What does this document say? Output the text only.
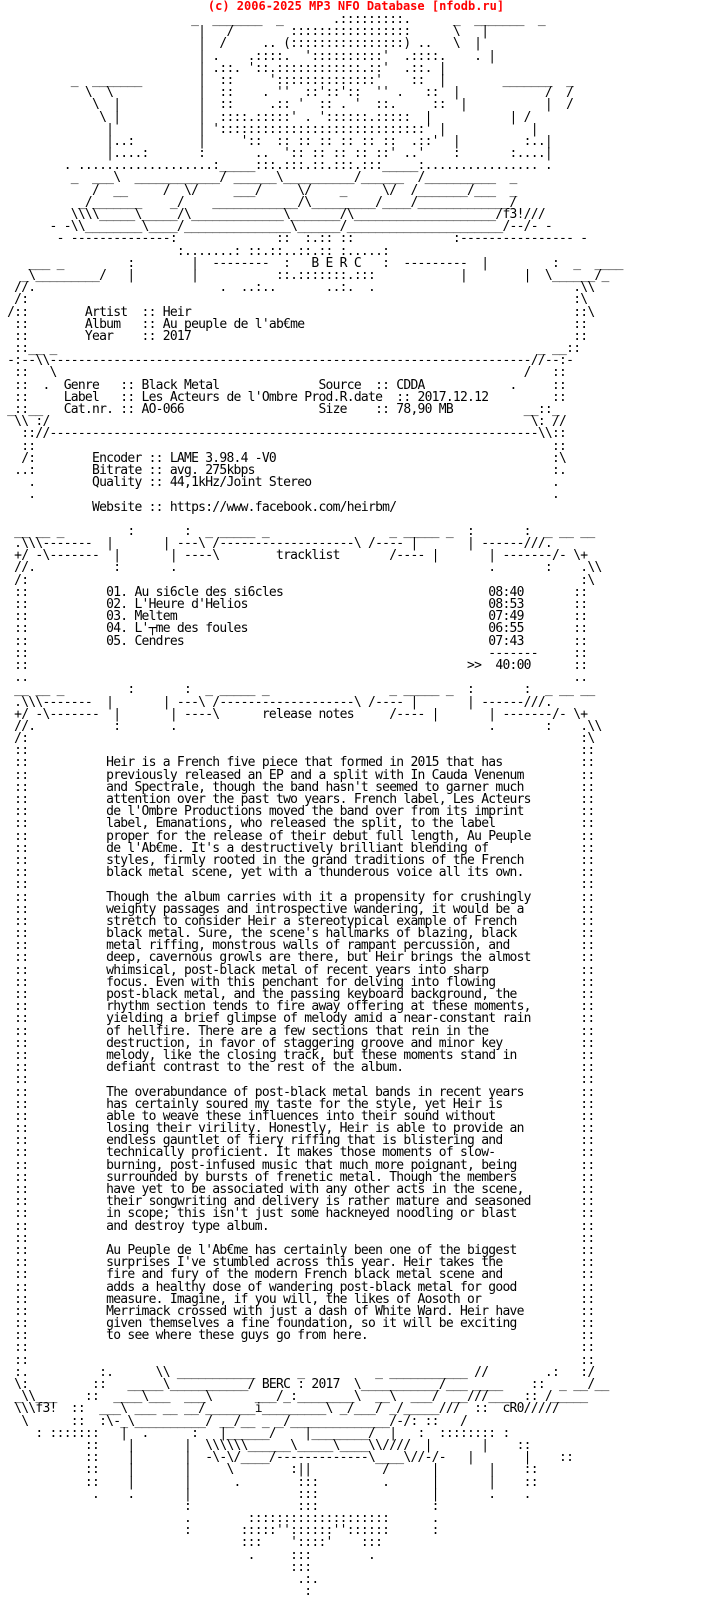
(c) 2006-2025 MP3 NFO Database [nfodb.ru]
_  _______  _       .:::::::::.      _  _______  _
|   /        :::::::::::::::::      \   |
|  /     .. (::::::::::::::::) ..   \  |
| .    .::::.  '::::::::::'  .::::.    . |
| .::. '::.::::::::::::.::'  .::. |
_  _______        |  ::     '::::::::::::::'    ::  |        _______  _
\  \            |  ::    . ''  ::'::'::  '' .   ::  |            /  /
\  |           |  ::     .:: '  :: . '  ::.     ::  |           |  /
\ |           |  ::::.:::::' . '::::::.:::::  |           | /
|            | ':::::::::::::::::::::::::::::' |            |
|..:         |     '::  :: :: :: :: :: ::  .::'  |         :..|
|....:       :       ..  ':: :: :: :: ::' ..'    :       :....|
. ...................:_____:::.:::.::.:::.:::_____:................ .
_  ___\  ____________/ ______\__________/______  /__________  _
/  __     /  \/     ___/     \/    _     \/  /_______/___  _
_/_______    _/    ____________/\_________/____/_____________/
\\\\_____\_____/\_____________\_______/\____________________/f3!///
- -\\________\____/_______________\______/______________________/--/- -
- --------------:              ::  :.:: ::              :---------------- -
:.......: ::.::..::.:: :.....:
___ _         :        |  --------  :   B E R C   :  ---------  |         :  _  ____
_\_________/   |        |           ::.:::::::.:::            |        |  \______/_
//.                          .  ..:..       ..:.  .                            .\\
/:                                                                             :\
/::        Artist  :: Heir                                                      ::\
::        Album   :: Au peuple de l'ab€me                                      ::
::        Year    :: 2017                                                      ::
::__ _                                                                    _ __::
-:--\\--------------------------------------------------------------------//--:-
::   \                                                                  /   ::
::  .  Genre   :: Black Metal              Source  :: CDDA            .     ::
::     Label   :: Les Acteurs de l'Ombre Prod.R.date  :: 2017.12.12         ::
_::__   Cat.nr. :: AO-066                   Size    :: 78,90 MB          __::_
\\ :/                                                                    \: //
:://---------------------------------------------------------------------\\::
::                                                                         ::
/:        Encoder :: LAME 3.98.4 -V0                                       :\
..:        Bitrate :: avg. 275kbps                                          :.
.        Quality :: 44,1kHz/Joint Stereo                                  .
.                                                                         .
Website :: https://www.facebook.com/heirbm/

__ __ _         :       :  _ _____ _                 _ _____ _  :       :  _ __ __
.\\\-------  |       | ---\ /-------------------\ /---- |       | ------///.
+/ -\-------  |       | ----\        tracklist       /---- |       | -------/- \+
//.           :       .                                            .       :    .\\
/:                                                                              :\
::           01. Au si6cle des si6cles                             08:40       ::
::           02. L'Heure d'Helios                                  08:53       ::
::           03. Meltem                                            07:49       ::
::           04. L'┬me des foules                                  06:55       ::
::           05. Cendres                                           07:43       ::
::                                                                 -------     ::
::                                                              >>  40:00      ::
..                                                                             ..
__ __ _         :       :  _ _____ _                 _ _____ _  :       :  _ __ __
.\\\-------  |       | ---\ /-------------------\ /---- |       | ------///.
+/ -\-------  |       | ----\      release notes     /---- |       | -------/- \+
//.           :       .                                            .       :    .\\
/:                                                                              :\
::                                                                              ::
::           Heir is a French five piece that formed in 2015 that has           ::
::           previously released an EP and a split with In Cauda Venenum        ::
::           and Spectrale, though the band hasn't seemed to garner much        ::
::           attention over the past two years. French label, Les Acteurs       ::
::           de l'Ombre Productions moved the band over from its imprint        ::
::           label, Emanations, who released the split, to the label            ::
::           proper for the release of their debut full length, Au Peuple       ::
::           de l'Ab€me. It's a destructively brilliant blending of             ::
::           styles, firmly rooted in the grand traditions of the French        ::
::           black metal scene, yet with a thunderous voice all its own.        ::
::                                                                              ::
::           Though the album carries with it a propensity for crushingly       ::
::           weighty passages and introspective wandering, it would be a        ::
::           stretch to consider Heir a stereotypical example of French         ::
::           black metal. Sure, the scene's hallmarks of blazing, black         ::
::           metal riffing, monstrous walls of rampant percussion, and          ::
::           deep, cavernous growls are there, but Heir brings the almost       ::
::           whimsical, post-black metal of recent years into sharp             ::
::           focus. Even with this penchant for delving into flowing            ::
::           post-black metal, and the passing keyboard background, the         ::
::           rhythm section tends to fire away offering at these moments,       ::
::           yielding a brief glimpse of melody amid a near-constant rain       ::
::           of hellfire. There are a few sections that rein in the             ::
::           destruction, in favor of staggering groove and minor key           ::
::           melody, like the closing track, but these moments stand in         ::
::           defiant contrast to the rest of the album.                         ::
::                                                                              ::
::           The overabundance of post-black metal bands in recent years        ::
::           has certainly soured my taste for the style, yet Heir is           ::
::           able to weave these influences into their sound without            ::
::           losing their virility. Honestly, Heir is able to provide an        ::
::           endless gauntlet of fiery riffing that is blistering and           ::
::           technically proficient. It makes those moments of slow-            ::
::           burning, post-infused music that much more poignant, being         ::
::           surrounded by bursts of frenetic metal. Though the members         ::
::           have yet to be associated with any other acts in the scene,        ::
::           their songwriting and delivery is rather mature and seasoned       ::
::           in scope; this isn't just some hackneyed noodling or blast         ::
::           and destroy type album.                                            ::
::                                                                              ::
::           Au Peuple de l'Ab€me has certainly been one of the biggest         ::
::           surprises I've stumbled across this year. Heir takes the           ::
::           fire and fury of the modern French black metal scene and           ::
::           adds a healthy dose of wandering post-black metal for good         ::
::           measure. Imagine, if you will, the likes of Aosoth or              ::
::           Merrimack crossed with just a dash of White Ward. Heir have        ::
::           given themselves a fine foundation, so it will be exciting         ::
::           to see where these guys go from here.                              ::
::                                                                              ::
::                                                                              ::
:.          :.      \\ ___________      _          _ ___________ //        .:   :/
\:         ::   _____\___________/ BERC : 2017  \___________/___ ____    ::  _ __/__
_\\___    ::  ____\___  ___\      ___/_:________\  __\  ___/  __///___  :: /_____
\\\f3!  ::  ___\ ___ __ __/_______i_________\ _/___/ _/_____///  ::  cR0/////
\      ::  :\-_\__________/ __/__ _ _/______________/-/: ::   /
: :::::::   |  .      :   |______/    |________/  |   :  :::::::: :
::    |       |  \\\\\\______\_____\____\\////  |       |    ::
::    |       |  -\-\/____/-------------\____\//-/-   |       |    ::
::    |       |     \        :||          /      |       |    ::
::    |       |      .        :::         .      |       |    ::
.    .       |               :::                |       .    .
:               :::                :
.        ::::::::::::::::::::      .
:       :::::''::::::''::::::      :
:::    '::::'    :::
.     :::        .
:::
.:.
:
